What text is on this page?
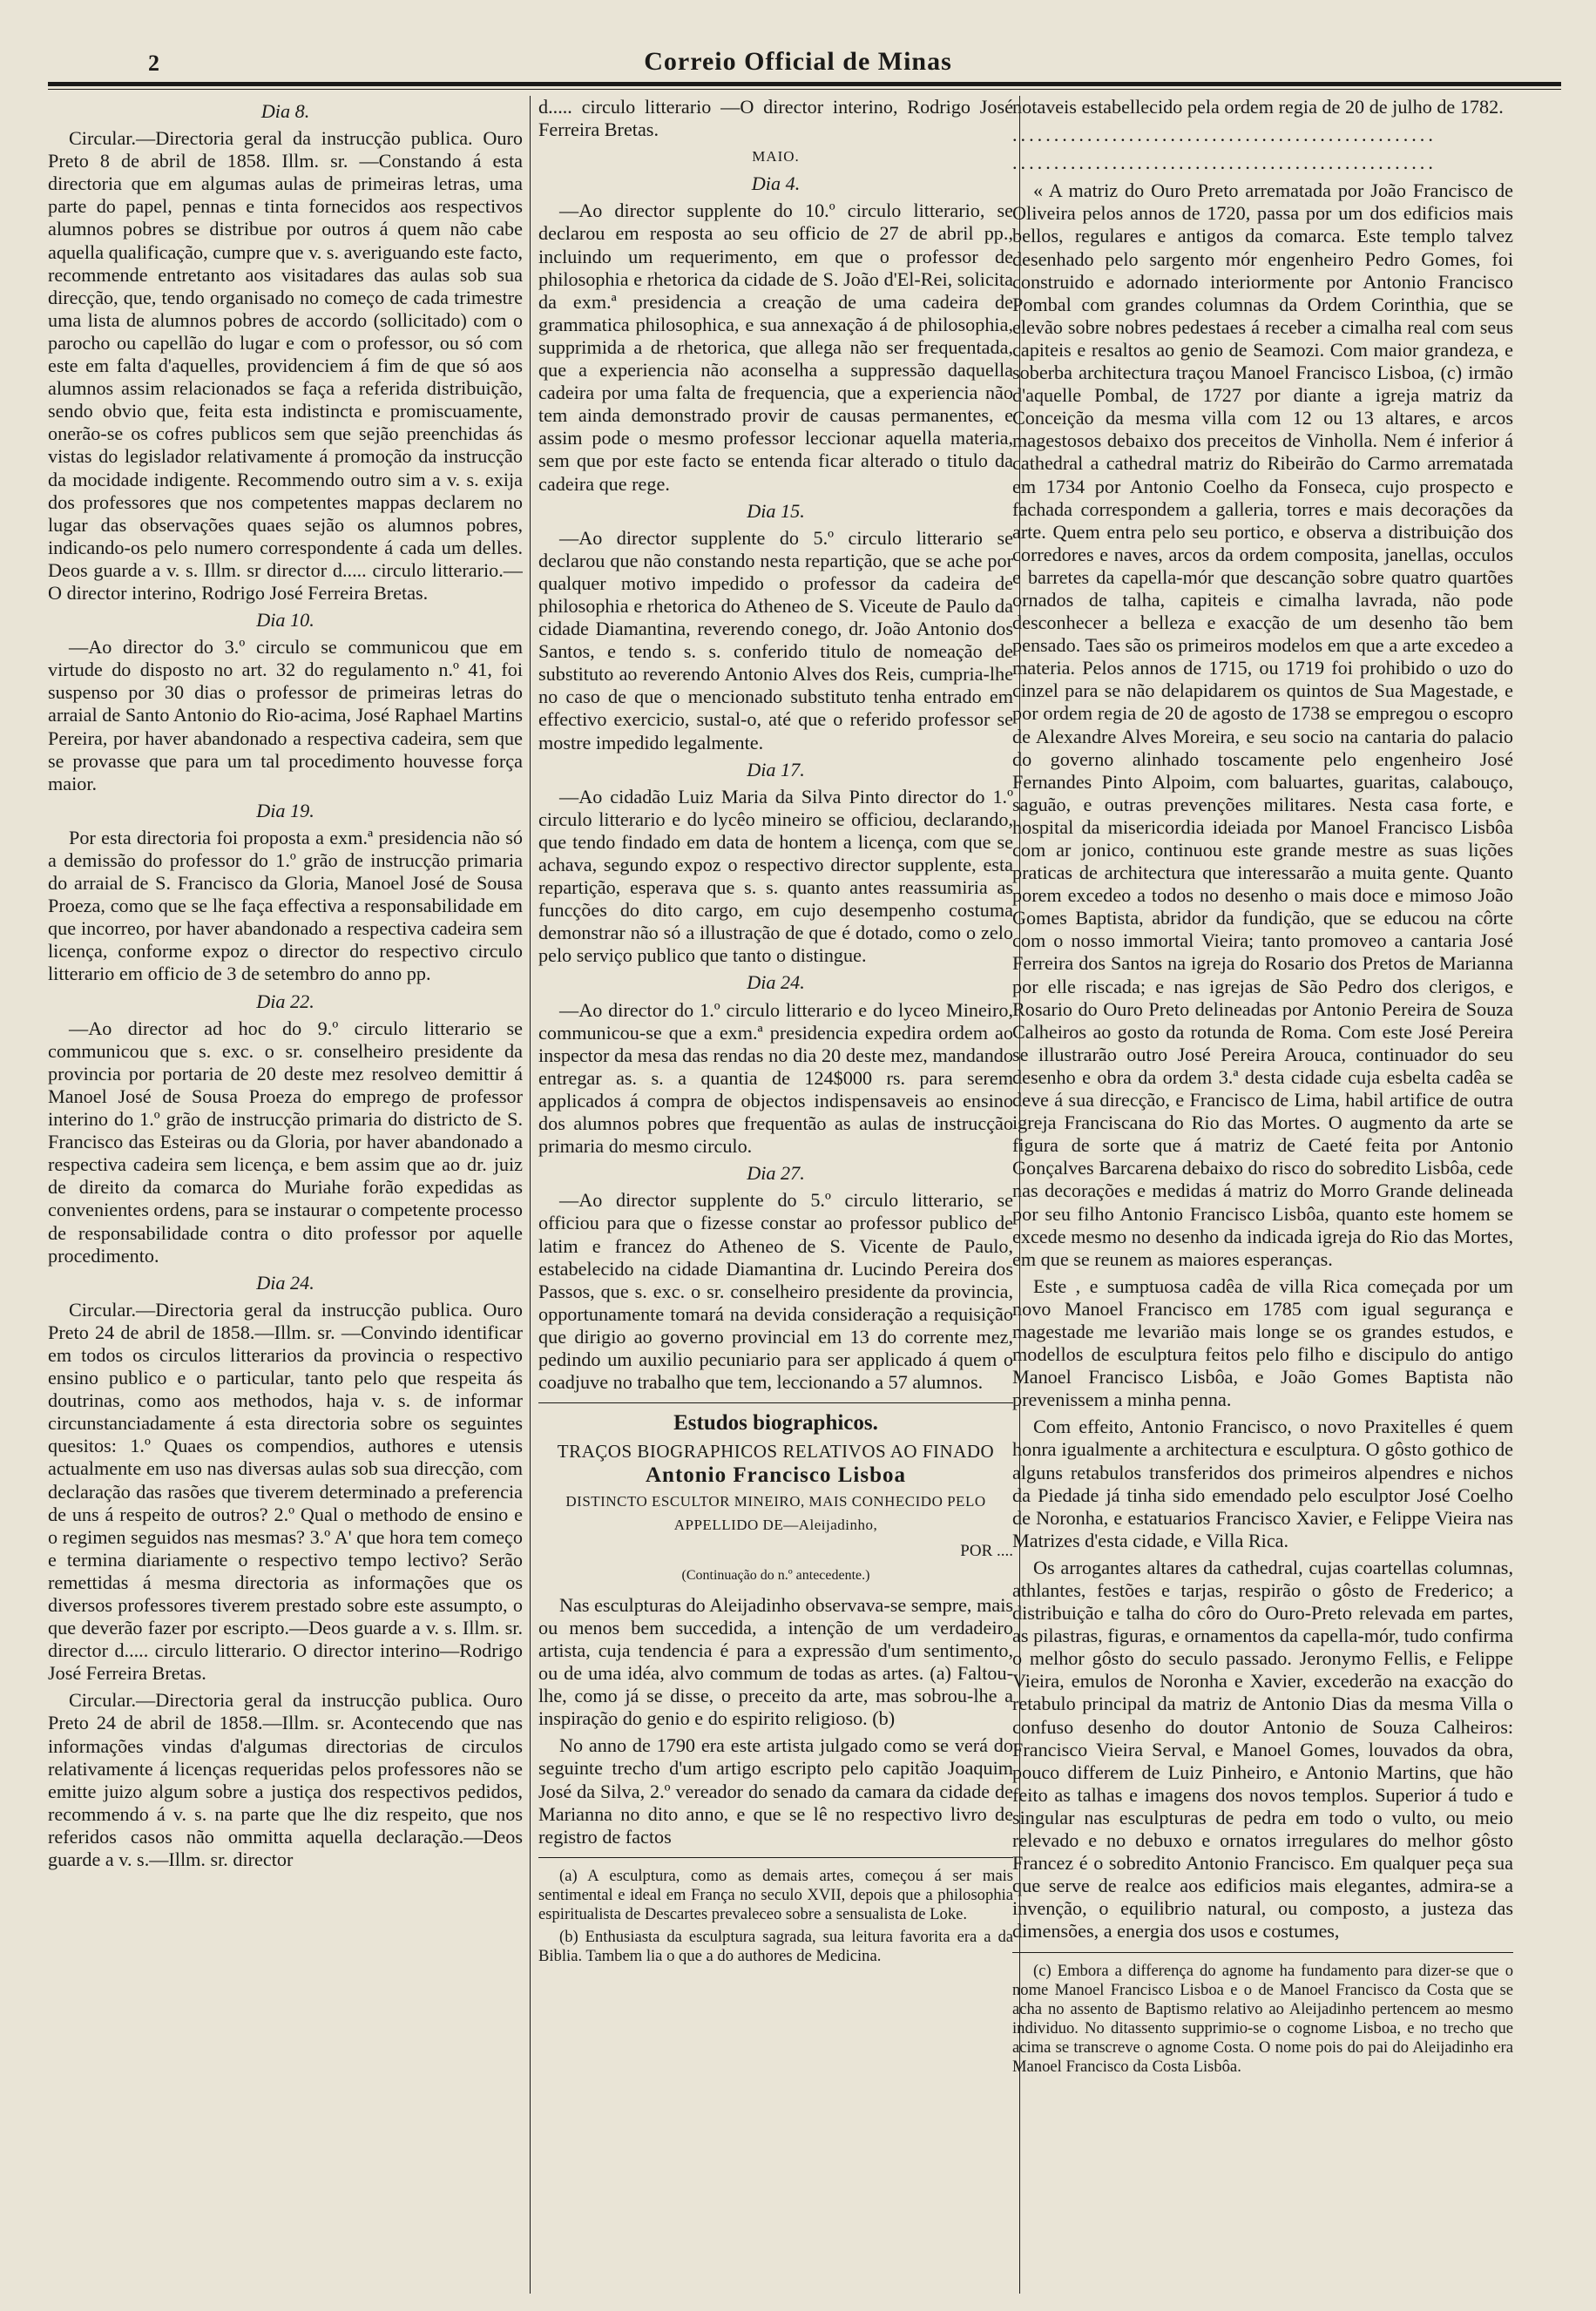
2	Correio Official de Minas
Dia 8.

Circular.—Directoria geral da instrucção publica. Ouro Preto 8 de abril de 1858. Illm. sr. —Constando á esta directoria que em algumas aulas de primeiras letras, uma parte do papel, pennas e tinta fornecidos aos respectivos alumnos pobres se distribue por outros á quem não cabe aquella qualificação, cumpre que v. s. averiguando este facto, recommende entretanto aos visitadares das aulas sob sua direcção, que, tendo organisado no começo de cada trimestre uma lista de alumnos pobres de accordo (sollicitado) com o parocho ou capellão do lugar e com o professor, ou só com este em falta d'aquelles, providenciem á fim de que só aos alumnos assim relacionados se faça a referida distribuição, sendo obvio que, feita esta indistincta e promiscuamente, onerão-se os cofres publicos sem que sejão preenchidas ás vistas do legislador relativamente á promoção da instrucção da mocidade indigente. Recommendo outro sim a v. s. exija dos professores que nos competentes mappas declarem no lugar das observações quaes sejão os alumnos pobres, indicando-os pelo numero correspondente á cada um delles. Deos guarde a v. s. Illm. sr director d..... circulo litterario.—O director interino, Rodrigo José Ferreira Bretas.

Dia 10.

—Ao director do 3.º circulo se communicou que em virtude do disposto no art. 32 do regulamento n.º 41, foi suspenso por 30 dias o professor de primeiras letras do arraial de Santo Antonio do Rio-acima, José Raphael Martins Pereira, por haver abandonado a respectiva cadeira, sem que se provasse que para um tal procedimento houvesse força maior.

Dia 19.

Por esta directoria foi proposta a exm.ª presidencia não só a demissão do professor do 1.º grão de instrucção primaria do arraial de S. Francisco da Gloria, Manoel José de Sousa Proeza, como que se lhe faça effectiva a responsabilidade em que incorreo, por haver abandonado a respectiva cadeira sem licença, conforme expoz o director do respectivo circulo litterario em officio de 3 de setembro do anno pp.

Dia 22.

—Ao director ad hoc do 9.º circulo litterario se communicou que s. exc. o sr. conselheiro presidente da provincia por portaria de 20 deste mez resolveo demittir á Manoel José de Sousa Proeza do emprego de professor interino do 1.º grão de instrucção primaria do districto de S. Francisco das Esteiras ou da Gloria, por haver abandonado a respectiva cadeira sem licença, e bem assim que ao dr. juiz de direito da comarca do Muriahe forão expedidas as convenientes ordens, para se instaurar o competente processo de responsabilidade contra o dito professor por aquelle procedimento.

Dia 24.

Circular.—Directoria geral da instrucção publica. Ouro Preto 24 de abril de 1858.—Illm. sr. —Convindo identificar em todos os circulos litterarios da provincia o respectivo ensino publico e o particular, tanto pelo que respeita ás doutrinas, como aos methodos, haja v. s. de informar circunstanciadamente á esta directoria sobre os seguintes quesitos: 1.º Quaes os compendios, authores e utensis actualmente em uso nas diversas aulas sob sua direcção, com declaração das rasões que tiverem determinado a preferencia de uns á respeito de outros? 2.º Qual o methodo de ensino e o regimen seguidos nas mesmas? 3.º A' que hora tem começo e termina diariamente o respectivo tempo lectivo? Serão remettidas á mesma directoria as informações que os diversos professores tiverem prestado sobre este assumpto, o que deverão fazer por escripto.—Deos guarde a v. s. Illm. sr. director d..... circulo litterario. O director interino—Rodrigo José Ferreira Bretas.

Circular.—Directoria geral da instrucção publica. Ouro Preto 24 de abril de 1858.—Illm. sr. Acontecendo que nas informações vindas d'algumas directorias de circulos relativamente á licenças requeridas pelos professores não se emitte juizo algum sobre a justiça dos respectivos pedidos, recommendo á v. s. na parte que lhe diz respeito, que nos referidos casos não ommitta aquella declaração.—Deos guarde a v. s.—Illm. sr. director

d..... circulo litterario —O director interino, Rodrigo José Ferreira Bretas.

MAIO.
Dia 4.

—Ao director supplente do 10.º circulo litterario, se declarou em resposta ao seu officio de 27 de abril pp., incluindo um requerimento, em que o professor de philosophia e rhetorica da cidade de S. João d'El-Rei, solicita da exm.ª presidencia a creação de uma cadeira de grammatica philosophica, e sua annexação á de philosophia, supprimida a de rhetorica, que allega não ser frequentada, que a experiencia não aconselha a suppressão daquella cadeira por uma falta de frequencia, que a experiencia não tem ainda demonstrado provir de causas permanentes, e assim pode o mesmo professor leccionar aquella materia, sem que por este facto se entenda ficar alterado o titulo da cadeira que rege.

Dia 15.

—Ao director supplente do 5.º circulo litterario se declarou que não constando nesta repartição, que se ache por qualquer motivo impedido o professor da cadeira de philosophia e rhetorica do Atheneo de S. Viceute de Paulo da cidade Diamantina, reverendo conego, dr. João Antonio dos Santos, e tendo s. s. conferido titulo de nomeação de substituto ao reverendo Antonio Alves dos Reis, cumpria-lhe no caso de que o mencionado substituto tenha entrado em effectivo exercicio, sustal-o, até que o referido professor se mostre impedido legalmente.

Dia 17.

—Ao cidadão Luiz Maria da Silva Pinto director do 1.º circulo litterario e do lycêo mineiro se officiou, declarando, que tendo findado em data de hontem a licença, com que se achava, segundo expoz o respectivo director supplente, esta repartição, esperava que s. s. quanto antes reassumiria as funcções do dito cargo, em cujo desempenho costuma demonstrar não só a illustração de que é dotado, como o zelo pelo serviço publico que tanto o distingue.

Dia 24.

—Ao director do 1.º circulo litterario e do lyceo Mineiro, communicou-se que a exm.ª presidencia expedira ordem ao inspector da mesa das rendas no dia 20 deste mez, mandando entregar as. s. a quantia de 124$000 rs. para serem applicados á compra de objectos indispensaveis ao ensino dos alumnos pobres que frequentão as aulas de instrucção primaria do mesmo circulo.

Dia 27.

—Ao director supplente do 5.º circulo litterario, se officiou para que o fizesse constar ao professor publico de latim e francez do Atheneo de S. Vicente de Paulo, estabelecido na cidade Diamantina dr. Lucindo Pereira dos Passos, que s. exc. o sr. conselheiro presidente da provincia, opportunamente tomará na devida consideração a requisição que dirigio ao governo provincial em 13 do corrente mez, pedindo um auxilio pecuniario para ser applicado á quem o coadjuve no trabalho que tem, leccionando a 57 alumnos.

Estudos biographicos.
TRAÇOS BIOGRAPHICOS RELATIVOS AO FINADO
Antonio Francisco Lisboa
DISTINCTO ESCULTOR MINEIRO, MAIS CONHECIDO PELO
APPELLIDO DE—Aleijadinho,
POR ....
(Continuação do n.º antecedente.)

Nas esculpturas do Aleijadinho observava-se sempre, mais ou menos bem succedida, a intenção de um verdadeiro artista, cuja tendencia é para a expressão d'um sentimento, ou de uma idéa, alvo commum de todas as artes. (a) Faltou-lhe, como já se disse, o preceito da arte, mas sobrou-lhe a inspiração do genio e do espirito religioso. (b)

No anno de 1790 era este artista julgado como se verá do seguinte trecho d'um artigo escripto pelo capitão Joaquim José da Silva, 2.º vereador do senado da camara da cidade de Marianna no dito anno, e que se lê no respectivo livro de registro de factos

(a) A esculptura, como as demais artes, começou á ser mais sentimental e ideal em França no seculo XVII, depois que a philosophia espiritualista de Descartes prevaleceo sobre a sensualista de Loke.

(b) Enthusiasta da esculptura sagrada, sua leitura favorita era a da Biblia. Tambem lia o que a do authores de Medicina.

notaveis estabellecido pela ordem regia de 20 de julho de 1782.

...................................................
...................................................

« A matriz do Ouro Preto arrematada por João Francisco de Oliveira pelos annos de 1720, passa por um dos edificios mais bellos, regulares e antigos da comarca. Este templo talvez desenhado pelo sargento mór engenheiro Pedro Gomes, foi construido e adornado interiormente por Antonio Francisco Pombal com grandes columnas da Ordem Corinthia, que se elevão sobre nobres pedestaes á receber a cimalha real com seus capiteis e resaltos ao genio de Seamozi. Com maior grandeza, e soberba architectura traçou Manoel Francisco Lisboa, (c) irmão d'aquelle Pombal, de 1727 por diante a igreja matriz da Conceição da mesma villa com 12 ou 13 altares, e arcos magestosos debaixo dos preceitos de Vinholla. Nem é inferior á cathedral a cathedral matriz do Ribeirão do Carmo arrematada em 1734 por Antonio Coelho da Fonseca, cujo prospecto e fachada correspondem a galleria, torres e mais decorações da arte. Quem entra pelo seu portico, e observa a distribuição dos corredores e naves, arcos da ordem composita, janellas, occulos e barretes da capella-mór que descanção sobre quatro quartões ornados de talha, capiteis e cimalha lavrada, não pode desconhecer a belleza e exacção de um desenho tão bem pensado. Taes são os primeiros modelos em que a arte excedeo a materia. Pelos annos de 1715, ou 1719 foi prohibido o uzo do cinzel para se não delapidarem os quintos de Sua Magestade, e por ordem regia de 20 de agosto de 1738 se empregou o escopro de Alexandre Alves Moreira, e seu socio na cantaria do palacio do governo alinhado toscamente pelo engenheiro José Fernandes Pinto Alpoim, com baluartes, guaritas, calabouço, saguão, e outras prevenções militares. Nesta casa forte, e hospital da misericordia ideiada por Manoel Francisco Lisbôa com ar jonico, continuou este grande mestre as suas lições praticas de architectura que interessarão a muita gente. Quanto porem excedeo a todos no desenho o mais doce e mimoso João Gomes Baptista, abridor da fundição, que se educou na côrte com o nosso immortal Vieira; tanto promoveo a cantaria José Ferreira dos Santos na igreja do Rosario dos Pretos de Marianna por elle riscada; e nas igrejas de São Pedro dos clerigos, e Rosario do Ouro Preto delineadas por Antonio Pereira de Souza Calheiros ao gosto da rotunda de Roma. Com este José Pereira se illustrarão outro José Pereira Arouca, continuador do seu desenho e obra da ordem 3.ª desta cidade cuja esbelta cadêa se deve á sua direcção, e Francisco de Lima, habil artifice de outra igreja Franciscana do Rio das Mortes. O augmento da arte se figura de sorte que á matriz de Caeté feita por Antonio Gonçalves Barcarena debaixo do risco do sobredito Lisbôa, cede nas decorações e medidas á matriz do Morro Grande delineada por seu filho Antonio Francisco Lisbôa, quanto este homem se excede mesmo no desenho da indicada igreja do Rio das Mortes, em que se reunem as maiores esperanças.

Este , e sumptuosa cadêa de villa Rica começada por um novo Manoel Francisco em 1785 com igual segurança e magestade me levarião mais longe se os grandes estudos, e modellos de esculptura feitos pelo filho e discipulo do antigo Manoel Francisco Lisbôa, e João Gomes Baptista não prevenissem a minha penna.

Com effeito, Antonio Francisco, o novo Praxitelles é quem honra igualmente a architectura e esculptura. O gôsto gothico de alguns retabulos transferidos dos primeiros alpendres e nichos da Piedade já tinha sido emendado pelo esculptor José Coelho de Noronha, e estatuarios Francisco Xavier, e Felippe Vieira nas Matrizes d'esta cidade, e Villa Rica.

Os arrogantes altares da cathedral, cujas coartellas columnas, athlantes, festões e tarjas, respirão o gôsto de Frederico; a distribuição e talha do côro do Ouro-Preto relevada em partes, as pilastras, figuras, e ornamentos da capella-mór, tudo confirma o melhor gôsto do seculo passado. Jeronymo Fellis, e Felippe Vieira, emulos de Noronha e Xavier, excederão na exacção do retabulo principal da matriz de Antonio Dias da mesma Villa o confuso desenho do doutor Antonio de Souza Calheiros: Francisco Vieira Serval, e Manoel Gomes, louvados da obra, pouco differem de Luiz Pinheiro, e Antonio Martins, que hão feito as talhas e imagens dos novos templos. Superior á tudo e singular nas esculpturas de pedra em todo o vulto, ou meio relevado e no debuxo e ornatos irregulares do melhor gôsto Francez é o sobredito Antonio Francisco. Em qualquer peça sua que serve de realce aos edificios mais elegantes, admira-se a invenção, o equilibrio natural, ou composto, a justeza das dimensões, a energia dos usos e costumes,

(c) Embora a differença do agnome ha fundamento para dizer-se que o nome Manoel Francisco Lisboa e o de Manoel Francisco da Costa que se acha no assento de Baptismo relativo ao Aleijadinho pertencem ao mesmo individuo. No ditassento supprimio-se o cognome Lisboa, e no trecho que acima se transcreve o agnome Costa. O nome pois do pai do Aleijadinho era Manoel Francisco da Costa Lisbôa.
